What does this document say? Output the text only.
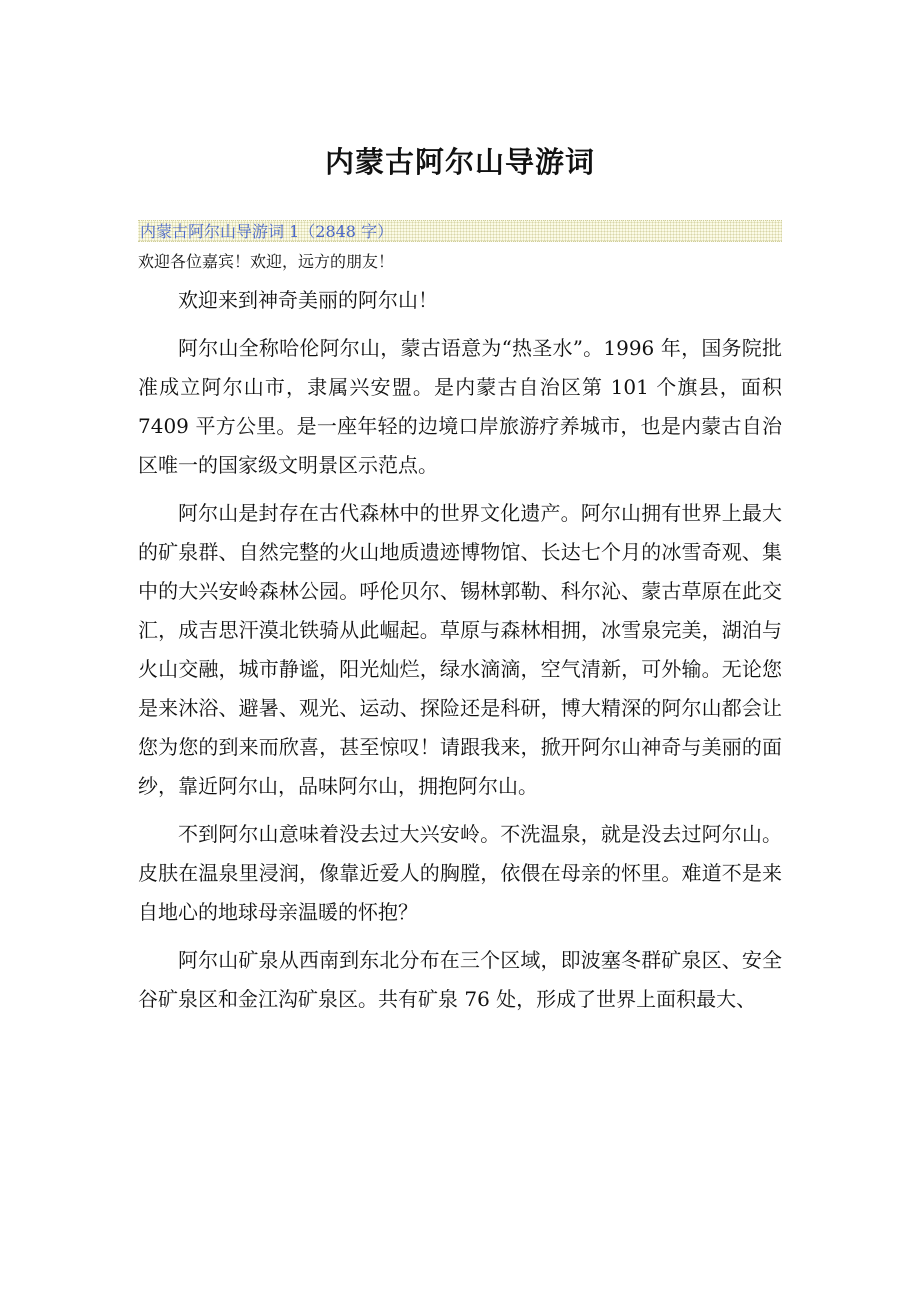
内蒙古阿尔山导游词
内蒙古阿尔山导游词 1（2848 字）
欢迎各位嘉宾！欢迎，远方的朋友！

欢迎来到神奇美丽的阿尔山！

阿尔山全称哈伦阿尔山，蒙古语意为“热圣水”。1996 年，国务院批准成立阿尔山市，隶属兴安盟。是内蒙古自治区第 101 个旗县，面积 7409 平方公里。是一座年轻的边境口岸旅游疗养城市，也是内蒙古自治区唯一的国家级文明景区示范点。

阿尔山是封存在古代森林中的世界文化遗产。阿尔山拥有世界上最大的矿泉群、自然完整的火山地质遗迹博物馆、长达七个月的冰雪奇观、集中的大兴安岭森林公园。呼伦贝尔、锡林郭勒、科尔沁、蒙古草原在此交汇，成吉思汗漠北铁骑从此崛起。草原与森林相拥，冰雪泉完美，湖泊与火山交融，城市静谧，阳光灿烂，绿水滴滴，空气清新，可外输。无论您是来沐浴、避暑、观光、运动、探险还是科研，博大精深的阿尔山都会让您为您的到来而欣喜，甚至惊叹！请跟我来，掀开阿尔山神奇与美丽的面纱，靠近阿尔山，品味阿尔山，拥抱阿尔山。

不到阿尔山意味着没去过大兴安岭。不洗温泉，就是没去过阿尔山。皮肤在温泉里浸润，像靠近爱人的胸膛，依偎在母亲的怀里。难道不是来自地心的地球母亲温暖的怀抱？

阿尔山矿泉从西南到东北分布在三个区域，即波塞冬群矿泉区、安全谷矿泉区和金江沟矿泉区。共有矿泉 76 处，形成了世界上面积最大、
